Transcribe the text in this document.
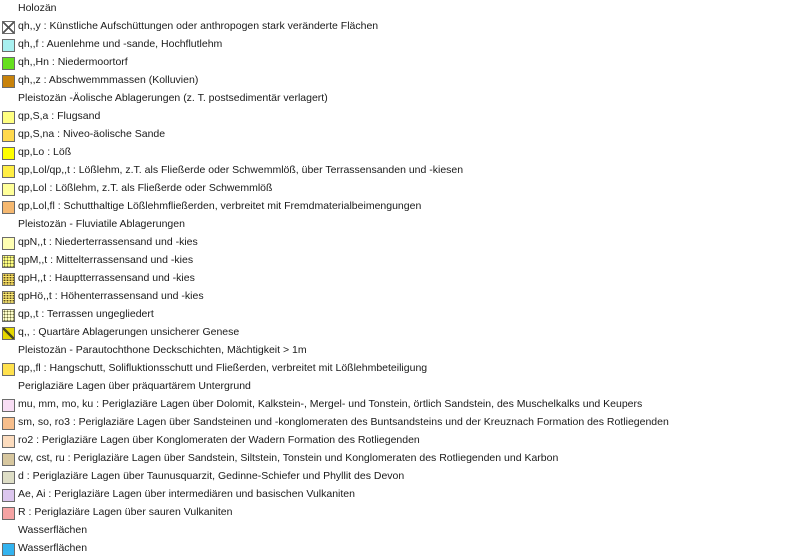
Holozän
qh,,y : Künstliche Aufschüttungen oder anthropogen stark veränderte Flächen
qh,,f : Auenlehme und -sande, Hochflutlehm
qh,,Hn : Niedermoortorf
qh,,z : Abschwemmmassen (Kolluvien)
Pleistozän -Äolische Ablagerungen (z. T. postsedimentär verlagert)
qp,S,a : Flugsand
qp,S,na : Niveo-äolische Sande
qp,Lo : Löß
qp,Lol/qp,,t : Lößlehm, z.T. als Fließerde oder Schwemmlöß, über Terrassensanden und -kiesen
qp,Lol : Lößlehm, z.T. als Fließerde oder Schwemmlöß
qp,Lol,fl : Schutthaltige Lößlehmfließerden, verbreitet mit Fremdmaterialbeimengungen
Pleistozän - Fluviatile Ablagerungen
qpN,,t : Niederterrassensand und -kies
qpM,,t : Mittelterrassensand und -kies
qpH,,t : Hauptterrassensand und -kies
qpHö,,t : Höhenterrassensand und -kies
qp,,t : Terrassen ungegliedert
q,, : Quartäre Ablagerungen unsicherer Genese
Pleistozän - Parautochthone Deckschichten, Mächtigkeit > 1m
qp,,fl : Hangschutt, Solifluktionsschutt und Fließerden, verbreitet mit Lößlehmbeteiligung
Periglaziäre Lagen über präquartärem Untergrund
mu, mm, mo, ku : Periglaziäre Lagen über Dolomit, Kalkstein-, Mergel- und Tonstein, örtlich Sandstein, des Muschelkalks und Keupers
sm, so, ro3 : Periglaziäre Lagen über Sandsteinen und -konglomeraten des Buntsandsteins und der Kreuznach Formation des Rotliegenden
ro2 : Periglaziäre Lagen über Konglomeraten der Wadern Formation des Rotliegenden
cw, cst, ru : Periglaziäre Lagen über Sandstein, Siltstein, Tonstein und Konglomeraten des Rotliegenden und Karbon
d : Periglaziäre Lagen über Taunusquarzit, Gedinne-Schiefer und Phyllit des Devon
Ae, Ai : Periglaziäre Lagen über intermediären und basischen Vulkaniten
R : Periglaziäre Lagen über sauren Vulkaniten
Wasserflächen
Wasserflächen
